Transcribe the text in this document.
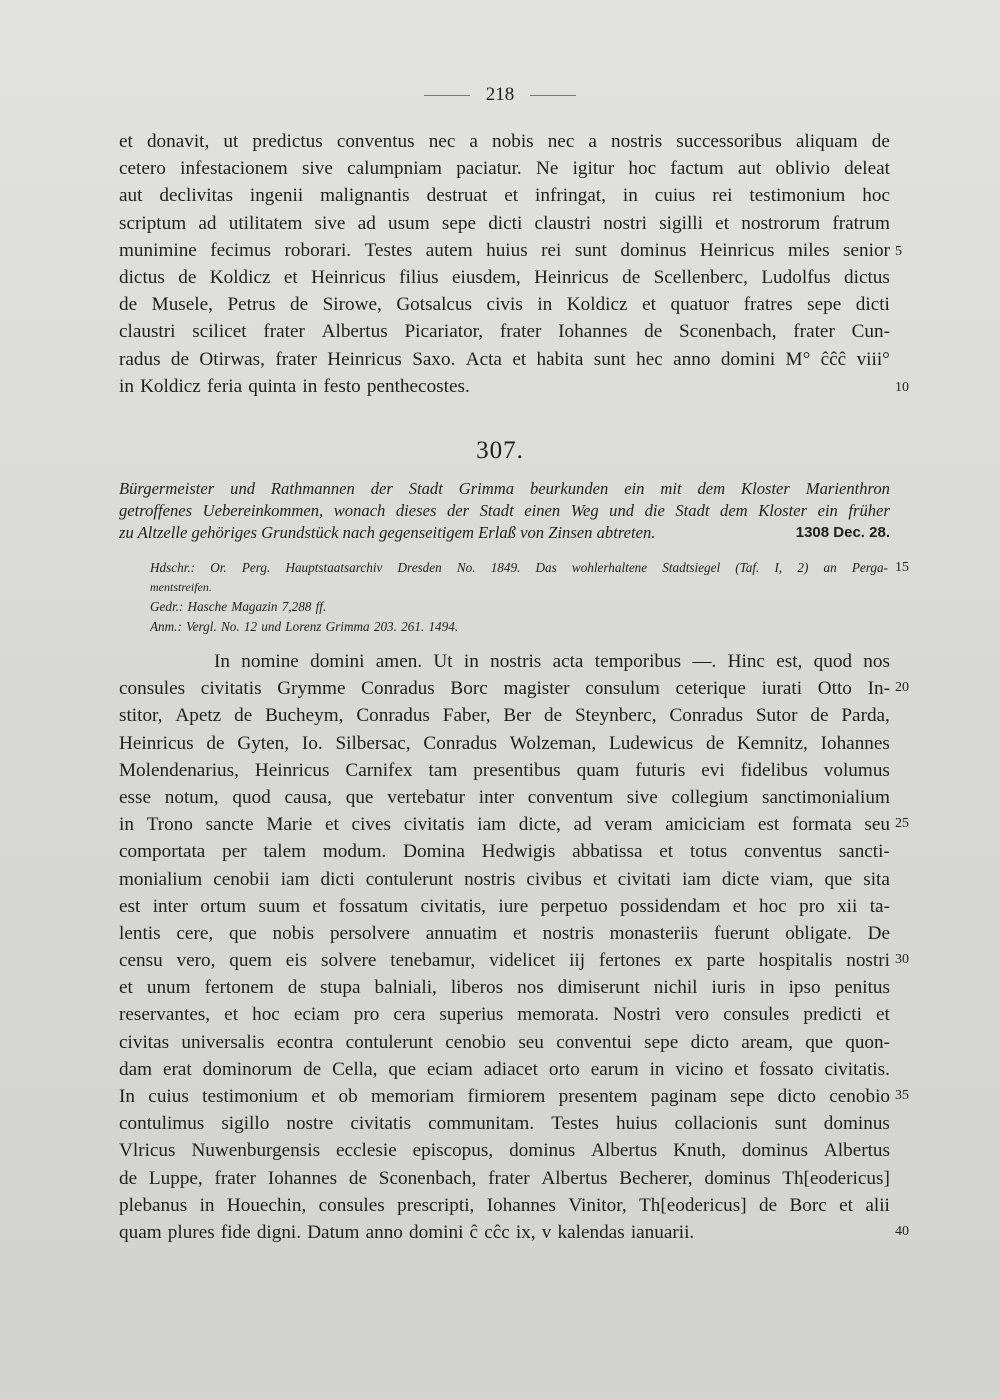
218
et donavit, ut predictus conventus nec a nobis nec a nostris successoribus aliquam de
cetero infestacionem sive calumpniam paciatur. Ne igitur hoc factum aut oblivio deleat
aut declivitas ingenii malignantis destruat et infringat, in cuius rei testimonium hoc
scriptum ad utilitatem sive ad usum sepe dicti claustri nostri sigilli et nostrorum fratrum
munimine fecimus roborari. Testes autem huius rei sunt dominus Heinricus miles senior
dictus de Koldicz et Heinricus filius eiusdem, Heinricus de Scellenberc, Ludolfus dictus
de Musele, Petrus de Sirowe, Gotsalcus civis in Koldicz et quatuor fratres sepe dicti
claustri scilicet frater Albertus Picariator, frater Iohannes de Sconenbach, frater Cun-
radus de Otirwas, frater Heinricus Saxo. Acta et habita sunt hec anno domini M° ĉĉĉ viii°
in Koldicz feria quinta in festo penthecostes.
307.
Bürgermeister und Rathmannen der Stadt Grimma beurkunden ein mit dem Kloster Marienthron
getroffenes Uebereinkommen, wonach dieses der Stadt einen Weg und die Stadt dem Kloster ein früher
zu Altzelle gehöriges Grundstück nach gegenseitigem Erlaß von Zinsen abtreten.	1308 Dec. 28.
Hdschr.: Or. Perg. Hauptstaatsarchiv Dresden No. 1849. Das wohlerhaltene Stadtsiegel (Taf. I, 2) an Perga-
mentstreifen.
Gedr.: Hasche Magazin 7,288 ff.
Anm.: Vergl. No. 12 und Lorenz Grimma 203. 261. 1494.
In nomine domini amen. Ut in nostris acta temporibus —. Hinc est, quod nos
consules civitatis Grymme Conradus Borc magister consulum ceterique iurati Otto In-
stitor, Apetz de Bucheym, Conradus Faber, Ber de Steynberc, Conradus Sutor de Parda,
Heinricus de Gyten, Io. Silbersac, Conradus Wolzeman, Ludewicus de Kemnitz, Iohannes
Molendenarius, Heinricus Carnifex tam presentibus quam futuris evi fidelibus volumus
esse notum, quod causa, que vertebatur inter conventum sive collegium sanctimonialium
in Trono sancte Marie et cives civitatis iam dicte, ad veram amiciciam est formata seu
comportata per talem modum. Domina Hedwigis abbatissa et totus conventus sancti-
monialium cenobii iam dicti contulerunt nostris civibus et civitati iam dicte viam, que sita
est inter ortum suum et fossatum civitatis, iure perpetuo possidendam et hoc pro xii ta-
lentis cere, que nobis persolvere annuatim et nostris monasteriis fuerunt obligate. De
censu vero, quem eis solvere tenebamur, videlicet iij fertones ex parte hospitalis nostri
et unum fertonem de stupa balniali, liberos nos dimiserunt nichil iuris in ipso penitus
reservantes, et hoc eciam pro cera superius memorata. Nostri vero consules predicti et
civitas universalis econtra contulerunt cenobio seu conventui sepe dicto aream, que quon-
dam erat dominorum de Cella, que eciam adiacet orto earum in vicino et fossato civitatis.
In cuius testimonium et ob memoriam firmiorem presentem paginam sepe dicto cenobio
contulimus sigillo nostre civitatis communitam. Testes huius collacionis sunt dominus
Vlricus Nuwenburgensis ecclesie episcopus, dominus Albertus Knuth, dominus Albertus
de Luppe, frater Iohannes de Sconenbach, frater Albertus Becherer, dominus Th[eodericus]
plebanus in Houechin, consules prescripti, Iohannes Vinitor, Th[eodericus] de Borc et alii
quam plures fide digni. Datum anno domini ĉ cĉc ix, v kalendas ianuarii.
5
10
15
20
25
30
35
40
